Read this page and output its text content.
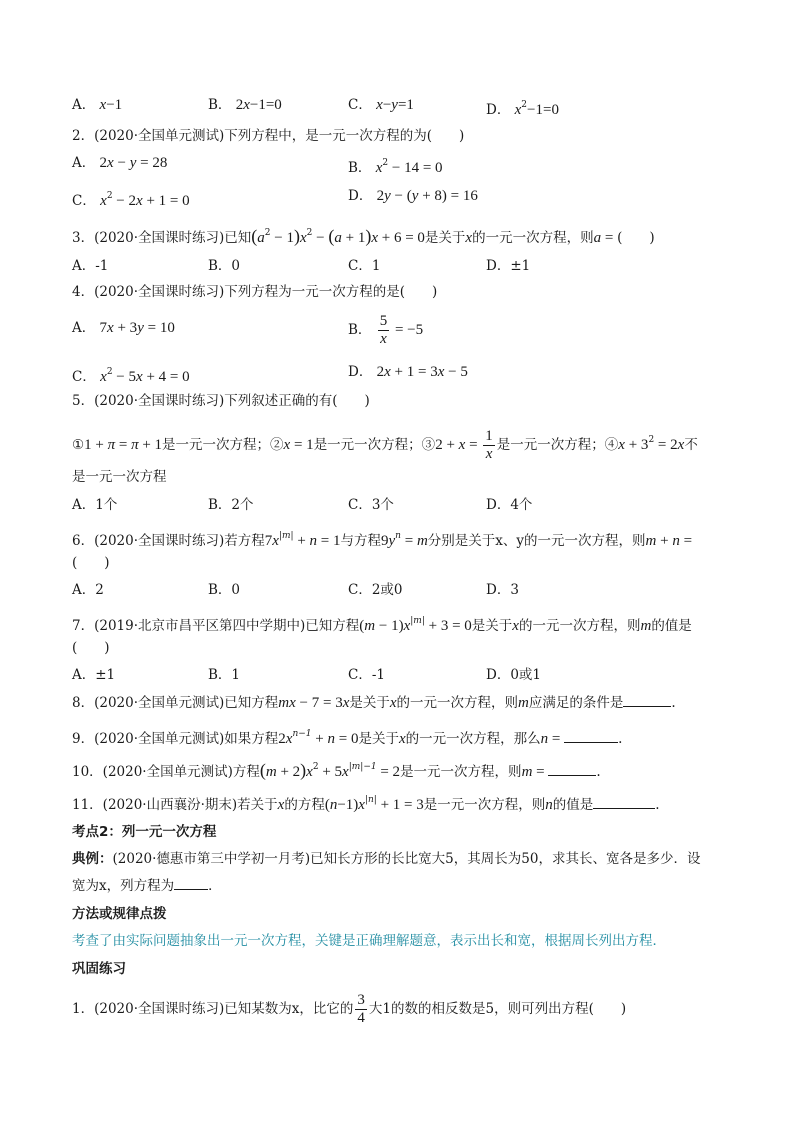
A． x−1	B． 2x−1=0	C． x−y=1	D． $x^2-1=0$
2．(2020·全国单元测试)下列方程中，是一元一次方程的为(　　)
A． 2x − y = 28	B． $x^2 - 14 = 0$
C． $x^2 - 2x + 1 = 0$	D． 2y − (y + 8) = 16
3．(2020·全国课时练习)已知$(a^2 - 1)x^2 - (a + 1)x + 6 = 0$是关于x的一元一次方程，则a = (　　)
A．-1	B．0	C．1	D．±1
4．(2020·全国课时练习)下列方程为一元一次方程的是(　　)
A． 7x + 3y = 10	B． $\frac{5}{x} = -5$
C． $x^2 - 5x + 4 = 0$	D． 2x + 1 = 3x − 5
5．(2020·全国课时练习)下列叙述正确的有(　　)
①1 + π = π + 1是一元一次方程；②x = 1是一元一次方程；③2 + $x = \frac{1}{x}$ 是一元一次方程；④x + $3^2 = 2x$不
是一元一次方程
A．1个	B．2个	C．3个	D．4个
6．(2020·全国课时练习)若方程$7x^{|m|} + n = 1$与方程$9y^n = m$分别是关于x、y的一元一次方程，则m + n =
(　　)
A．2	B．0	C．2或0	D．3
7．(2019·北京市昌平区第四中学期中)已知方程$(m - 1)x^{|m|} + 3 = 0$是关于x的一元一次方程，则m的值是
(　　)
A．±1	B．1	C．-1	D．0或1
8．(2020·全国单元测试)已知方程mx − 7 = 3x是关于x的一元一次方程，则m应满足的条件是	.
9．(2020·全国单元测试)如果方程$2x^{n-1} + n = 0$是关于x的一元一次方程，那么n =	.
10．(2020·全国单元测试)方程$(m + 2)x^2 + 5x^{|m|-1} = 2$是一元一次方程，则m =	.
11．(2020·山西襄汾·期末)若关于x的方程$(n-1)x^{|n|} + 1 = 3$是一元一次方程，则n的值是	.
考点2：列一元一次方程
典例：(2020·德惠市第三中学初一月考)已知长方形的长比宽大5，其周长为50，求其长、宽各是多少．设
宽为x，列方程为	．
方法或规律点拨
考查了由实际问题抽象出一元一次方程，关键是正确理解题意，表示出长和宽，根据周长列出方程．
巩固练习
1．(2020·全国课时练习)已知某数为x，比它的 $\frac{3}{4}$ 大1的数的相反数是5，则可列出方程(　　)
